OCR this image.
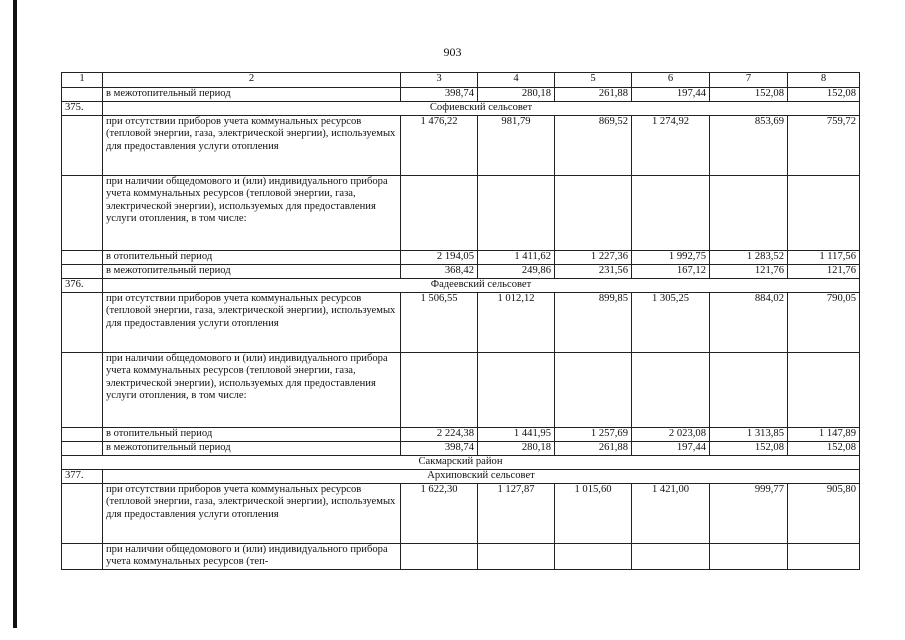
903
1	2	3	4	5	6	7	8
	в межотопительный период	398,74	280,18	261,88	197,44	152,08	152,08
375.	Софиевский сельсовет						
	при отсутствии приборов учета коммунальных ресурсов (тепловой энергии, газа, электрической энергии), используемых для предоставления услуги отопления	1 476,22	981,79	869,52	1 274,92	853,69	759,72
	при наличии общедомового и (или) индивидуального прибора учета коммунальных ресурсов (тепловой энергии, газа, электрической энергии), используемых для предоставления услуги отопления, в том числе:						
	в отопительный период	2 194,05	1 411,62	1 227,36	1 992,75	1 283,52	1 117,56
	в межотопительный период	368,42	249,86	231,56	167,12	121,76	121,76
376.	Фадеевский сельсовет						
	при отсутствии приборов учета коммунальных ресурсов (тепловой энергии, газа, электрической энергии), используемых для предоставления услуги отопления	1 506,55	1 012,12	899,85	1 305,25	884,02	790,05
	при наличии общедомового и (или) индивидуального прибора учета коммунальных ресурсов (тепловой энергии, газа, электрической энергии), используемых для предоставления услуги отопления, в том числе:						
	в отопительный период	2 224,38	1 441,95	1 257,69	2 023,08	1 313,85	1 147,89
	в межотопительный период	398,74	280,18	261,88	197,44	152,08	152,08
Сакмарский район							
377.	Архиповский сельсовет						
	при отсутствии приборов учета коммунальных ресурсов (тепловой энергии, газа, электрической энергии), используемых для предоставления услуги отопления	1 622,30	1 127,87	1 015,60	1 421,00	999,77	905,80
	при наличии общедомового и (или) индивидуального прибора учета коммунальных ресурсов (теп-						
